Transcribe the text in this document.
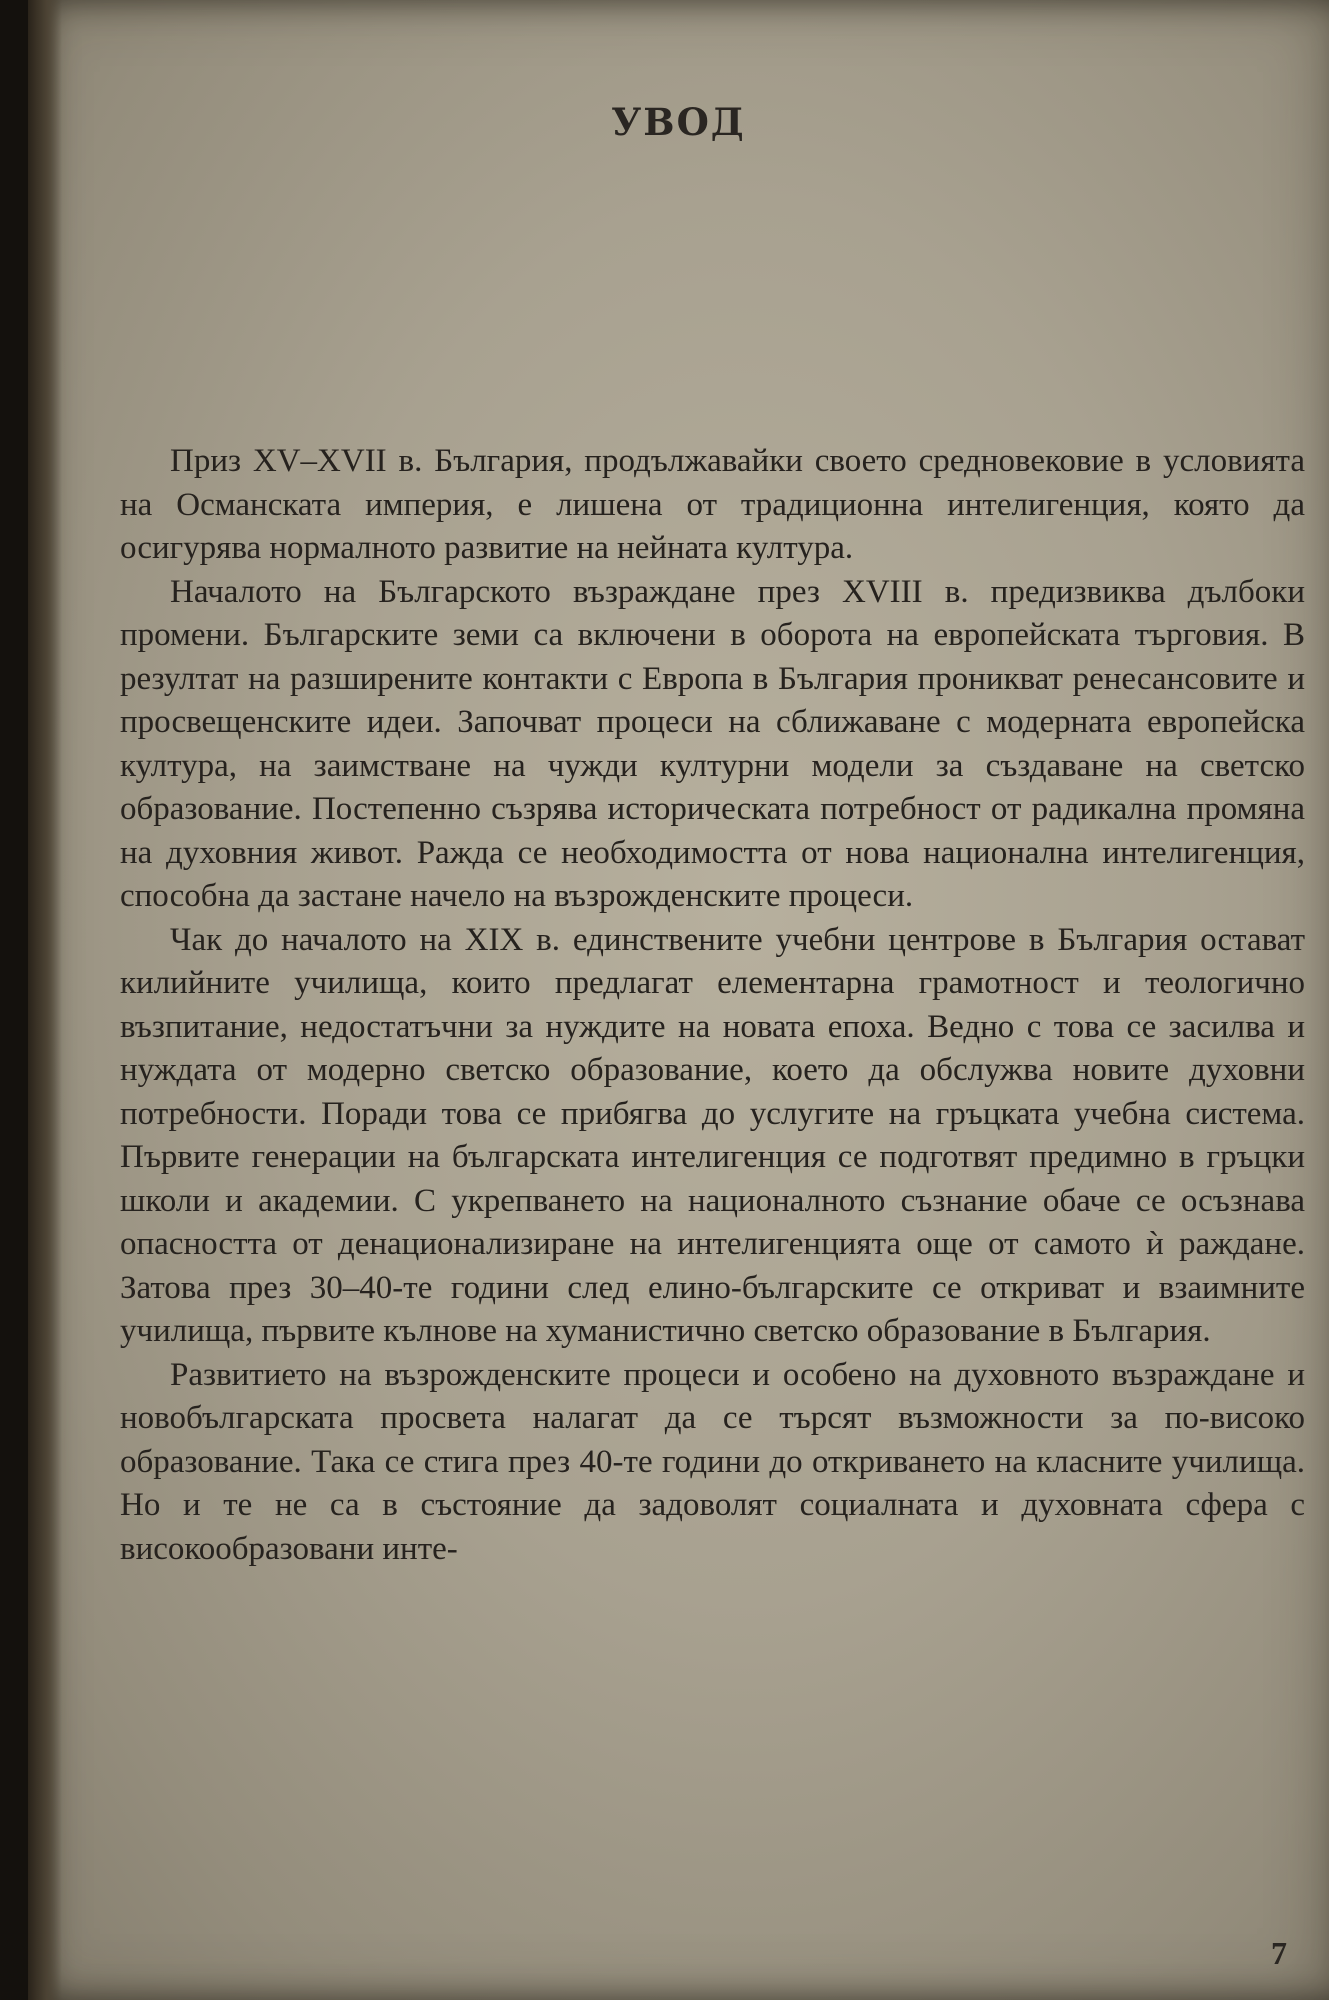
УВОД

Приз XV–XVII в. България, продължавайки своето средновековие в условията на Османската империя, е лишена от традиционна интелигенция, която да осигурява нормалното развитие на нейната култура.

Началото на Българското възраждане през XVIII в. предизвиква дълбоки промени. Българските земи са включени в оборота на европейската търговия. В резултат на разширените контакти с Европа в България проникват ренесансовите и просвещенските идеи. Започват процеси на сближаване с модерната европейска култура, на заимстване на чужди културни модели за създаване на светско образование. Постепенно съзрява историческата потребност от радикална промяна на духовния живот. Ражда се необходимостта от нова национална интелигенция, способна да застане начело на възрожденските процеси.

Чак до началото на XIX в. единствените учебни центрове в България остават килийните училища, които предлагат елементарна грамотност и теологично възпитание, недостатъчни за нуждите на новата епоха. Ведно с това се засилва и нуждата от модерно светско образование, което да обслужва новите духовни потребности. Поради това се прибягва до услугите на гръцката учебна система. Първите генерации на българската интелигенция се подготвят предимно в гръцки школи и академии. С укрепването на националното съзнание обаче се осъзнава опасността от денационализиране на интелигенцията още от самото ѝ раждане. Затова през 30–40-те години след елино-българските се откриват и взаимните училища, първите кълнове на хуманистично светско образование в България.

Развитието на възрожденските процеси и особено на духовното възраждане и новобългарската просвета налагат да се търсят възможности за по-високо образование. Така се стига през 40-те години до откриването на класните училища. Но и те не са в състояние да задоволят социалната и духовната сфера с високообразовани инте-

7
